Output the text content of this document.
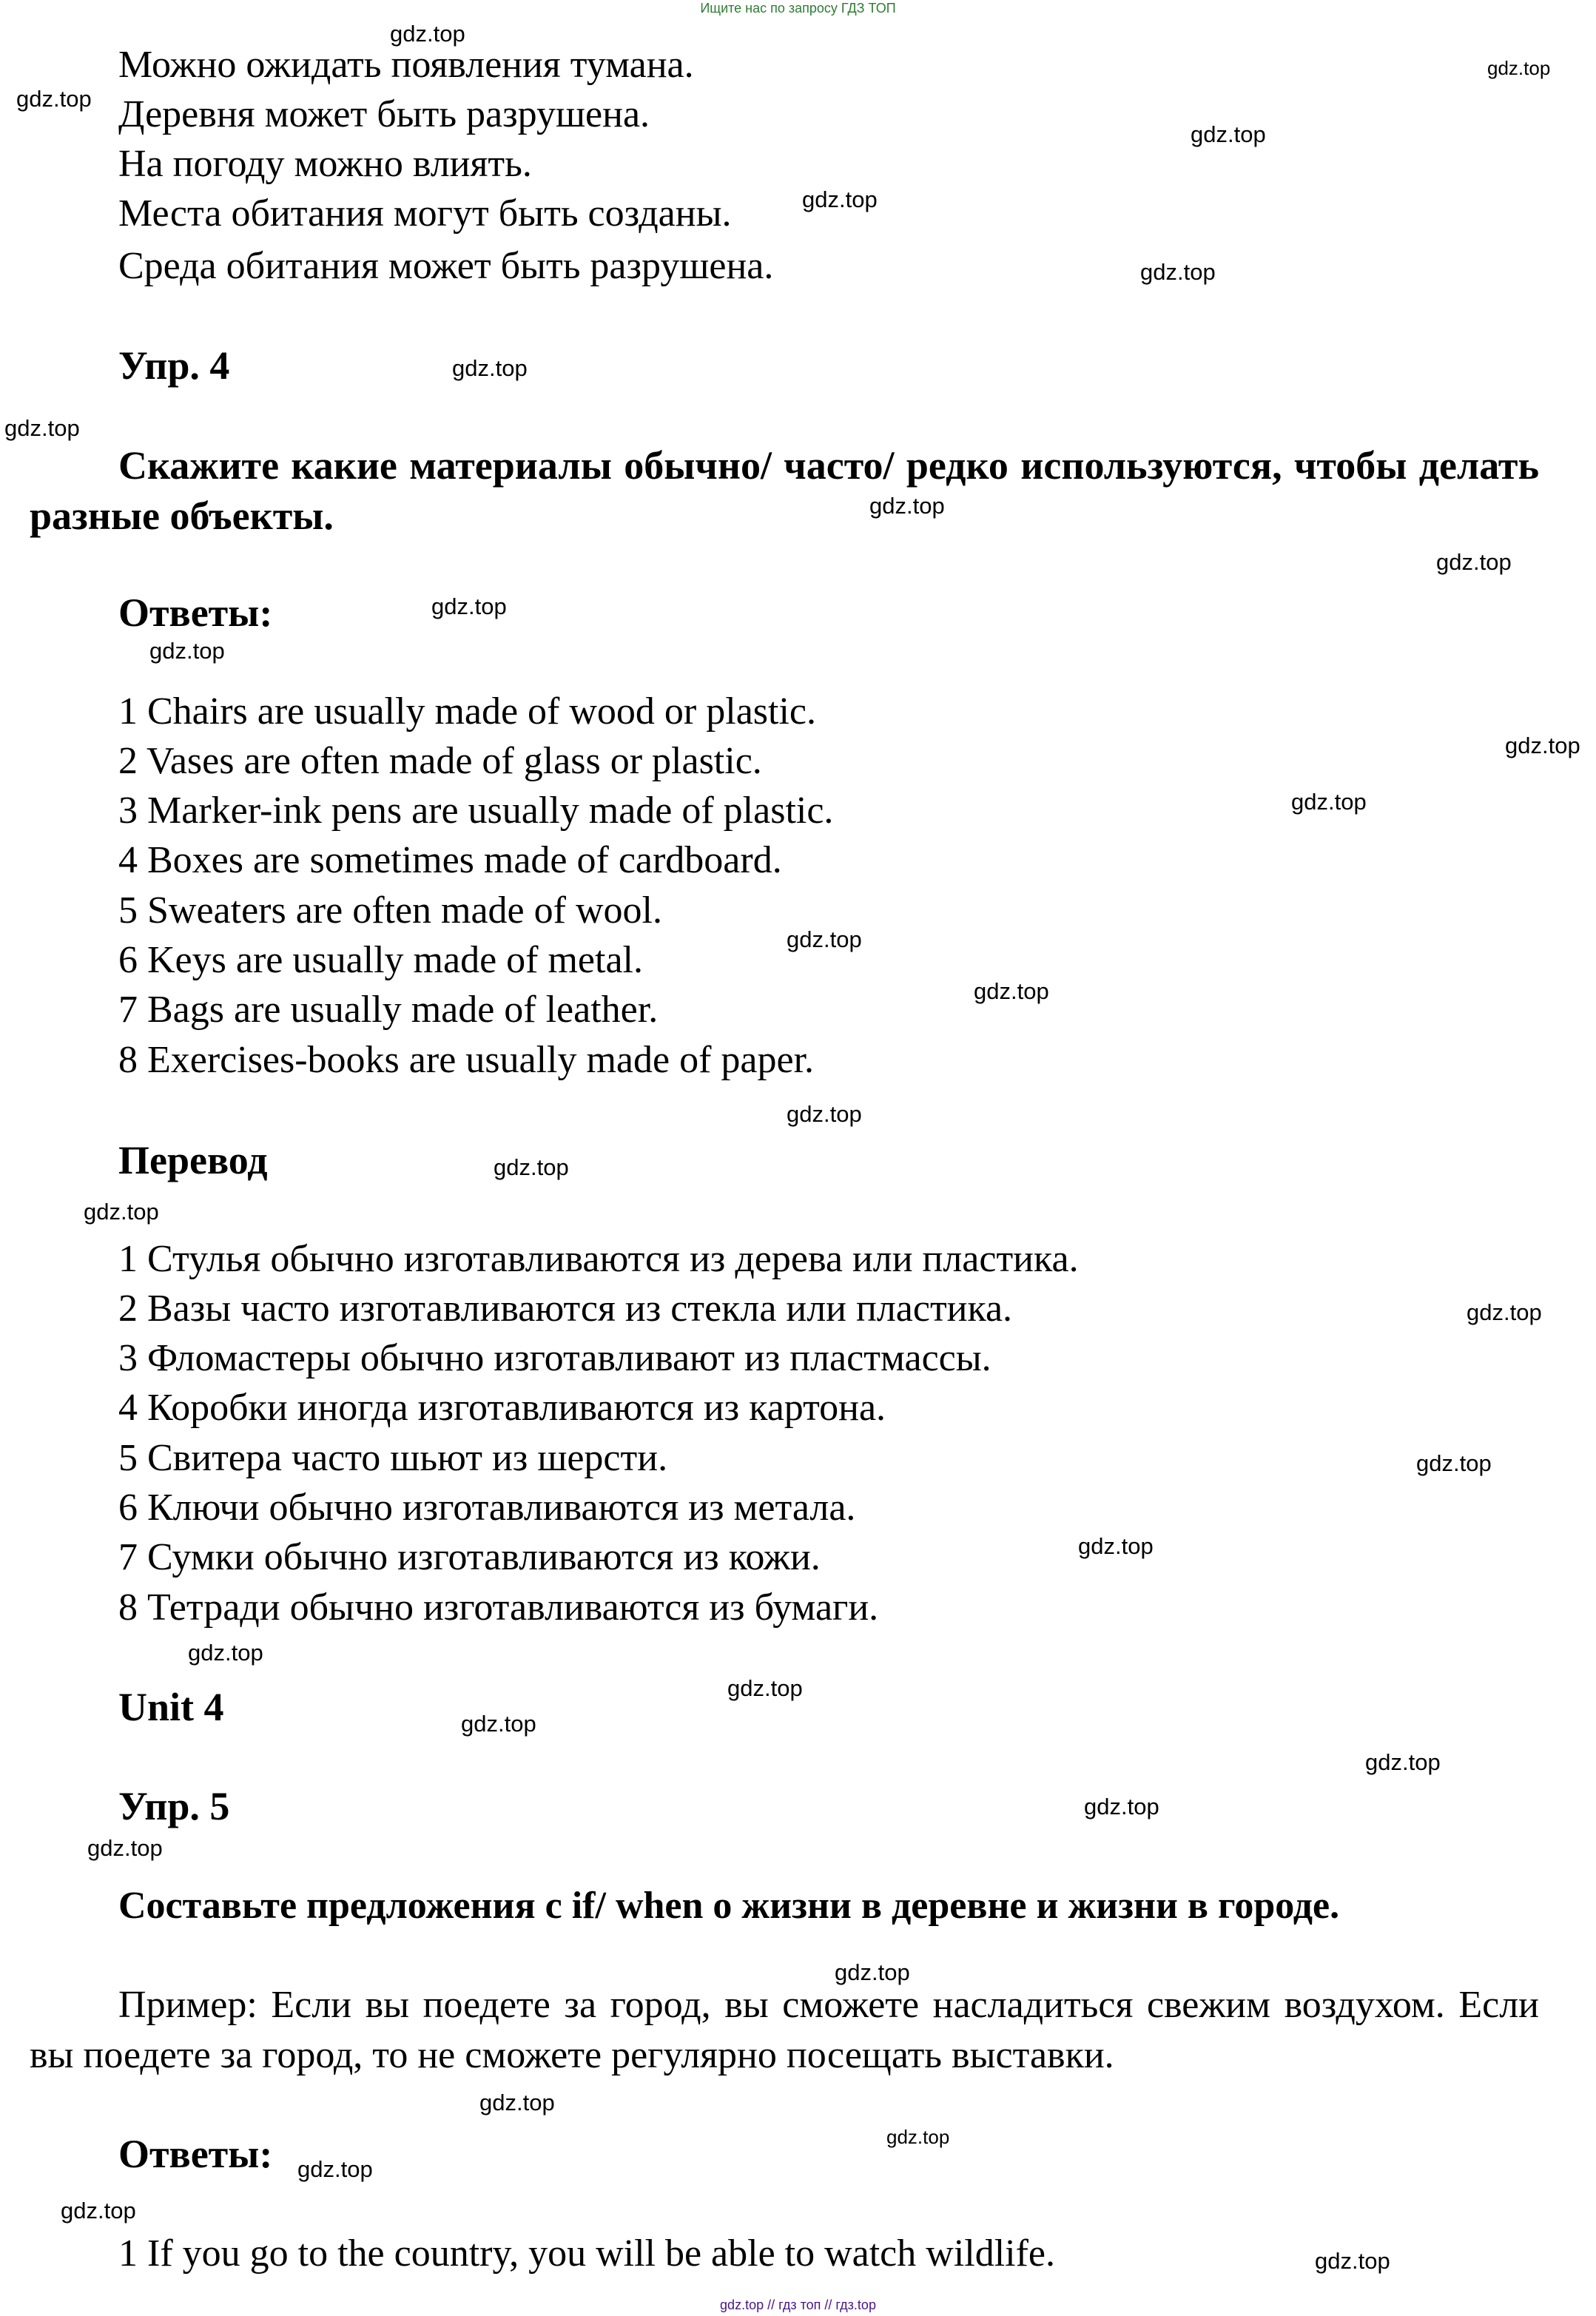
Ищите нас по запросу ГДЗ ТОП
Можно ожидать появления тумана.
Деревня может быть разрушена.
На погоду можно влиять.
Места обитания могут быть созданы.
Среда обитания может быть разрушена.
Упр. 4
Скажите какие материалы обычно/ часто/ редко используются, чтобы делать разные объекты.
Ответы:
1 Chairs are usually made of wood or plastic.
2 Vases are often made of glass or plastic.
3 Marker-ink pens are usually made of plastic.
4 Boxes are sometimes made of cardboard.
5 Sweaters are often made of wool.
6 Keys are usually made of metal.
7 Bags are usually made of leather.
8 Exercises-books are usually made of paper.
Перевод
1 Стулья обычно изготавливаются из дерева или пластика.
2 Вазы часто изготавливаются из стекла или пластика.
3 Фломастеры обычно изготавливают из пластмассы.
4 Коробки иногда изготавливаются из картона.
5 Свитера часто шьют из шерсти.
6 Ключи обычно изготавливаются из метала.
7 Сумки обычно изготавливаются из кожи.
8 Тетради обычно изготавливаются из бумаги.
Unit 4
Упр. 5
Составьте предложения с if/ when о жизни в деревне и жизни в городе.
Пример: Если вы поедете за город, вы сможете насладиться свежим воздухом. Если вы поедете за город, то не сможете регулярно посещать выставки.
Ответы:
1 If you go to the country, you will be able to watch wildlife.
gdz.top
gdz.top
gdz.top
gdz.top
gdz.top
gdz.top
gdz.top
gdz.top
gdz.top
gdz.top
gdz.top
gdz.top
gdz.top
gdz.top
gdz.top
gdz.top
gdz.top
gdz.top
gdz.top
gdz.top
gdz.top
gdz.top
gdz.top
gdz.top
gdz.top
gdz.top
gdz.top
gdz.top
gdz.top
gdz.top
gdz.top
gdz.top
gdz.top
gdz.top
gdz.top // гдз топ // гдз.top
